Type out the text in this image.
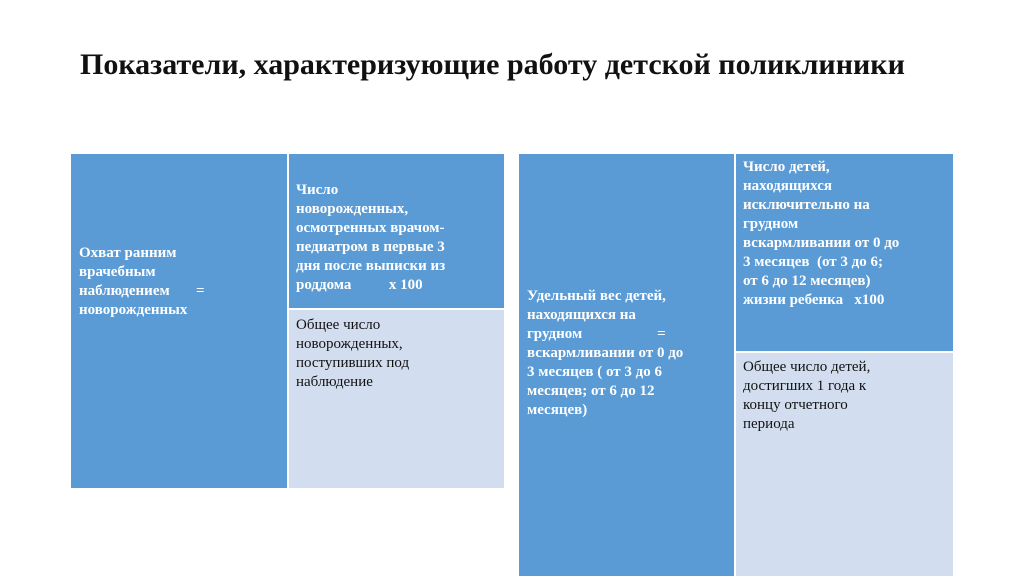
Показатели, характеризующие работу детской поликлиники
Охват ранним
врачебным
наблюдением       =
новорожденных
Число
новорожденных,
осмотренных врачом-
педиатром в первые 3
дня после выписки из
роддома          х 100
Общее число
новорожденных,
поступивших под
наблюдение
Удельный вес детей,
находящихся на
грудном                    =
вскармливании от 0 до
3 месяцев ( от 3 до 6
месяцев; от 6 до 12
месяцев)
Число детей,
находящихся
исключительно на
грудном
вскармливании от 0 до
3 месяцев  (от 3 до 6;
от 6 до 12 месяцев)
жизни ребенка   х100
Общее число детей,
достигших 1 года к
концу отчетного
периода
